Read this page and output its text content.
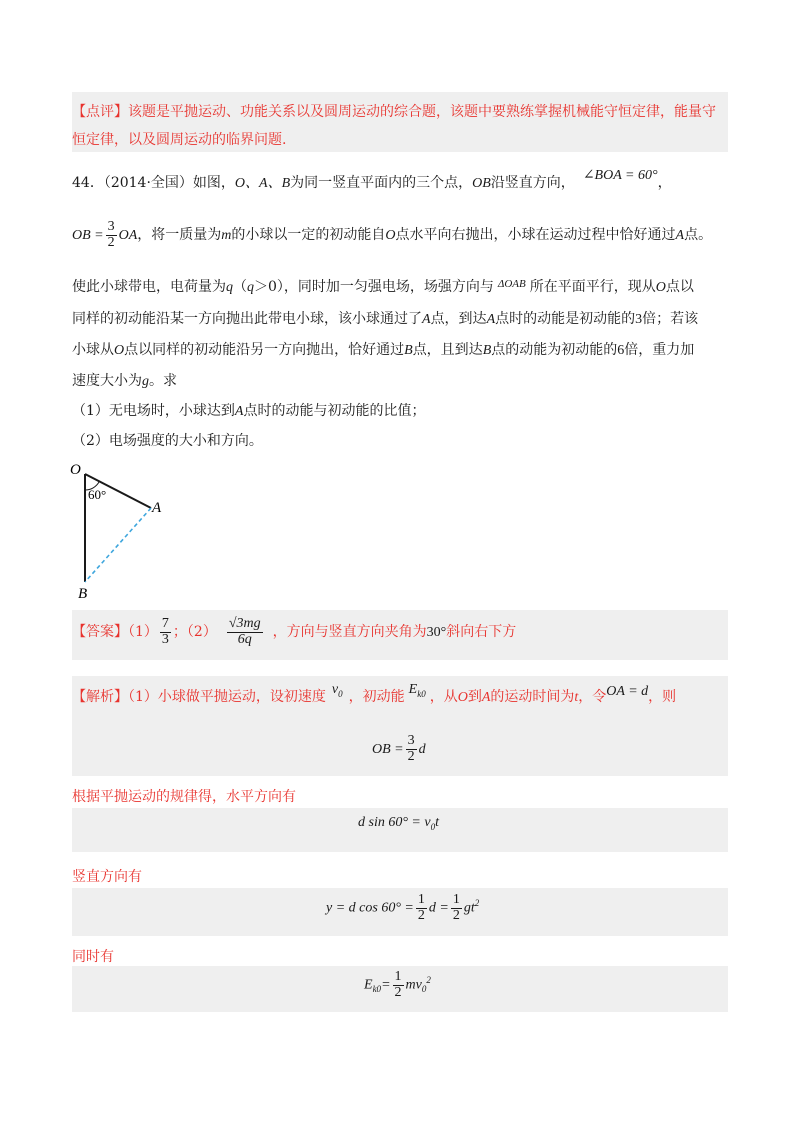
【点评】该题是平抛运动、功能关系以及圆周运动的综合题，该题中要熟练掌握机械能守恒定律，能量守
恒定律，以及圆周运动的临界问题.
44．（2014·全国）如图，O、A、B为同一竖直平面内的三个点，OB沿竖直方向， ∠BOA = 60°，
OB = $\frac{3}{2}$ OA，将一质量为m的小球以一定的初动能自O点水平向右抛出，小球在运动过程中恰好通过A点。
使此小球带电，电荷量为q（q＞0），同时加一匀强电场，场强方向与 $^{\Delta OAB}$ 所在平面平行，现从O点以
同样的初动能沿某一方向抛出此带电小球，该小球通过了A点，到达A点时的动能是初动能的3倍；若该
小球从O点以同样的初动能沿另一方向抛出，恰好通过B点，且到达B点的动能为初动能的6倍，重力加
速度大小为g。求
（1）无电场时，小球达到A点时的动能与初动能的比值；
（2）电场强度的大小和方向。
O
60°
A
B
【答案】$(1) \frac{7}{3}$ ；$(2) \frac{√3mg}{6q}$ ，方向与竖直方向夹角为30°斜向右下方
【解析】（1）小球做平抛运动，设初速度 $v_0$ ，初动能 $E_{k0}$ ，从O到A的运动时间为t，令OA = d，则
OB = $\frac{3}{2}$ d
根据平抛运动的规律得，水平方向有
d $\sin 60^\circ = v_0t$
竖直方向有
y = d $\cos 60^\circ = \frac{1}{2}$ $d = \frac{1}{2} gt^2$
同时有
$E_{k0}= \frac{1}{2} mv_0^2$
